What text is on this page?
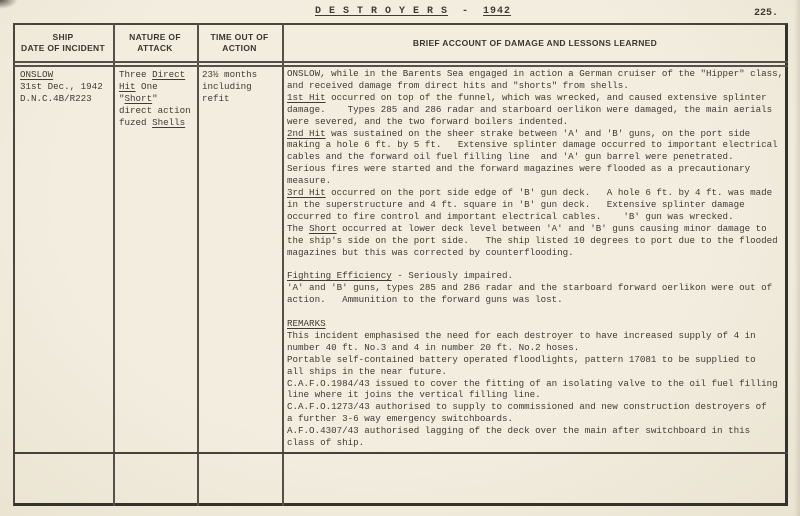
D E S T R O Y E R S  -  1942	225.
SHIP
DATE OF INCIDENT
NATURE OF
ATTACK
TIME OUT OF
ACTION
BRIEF ACCOUNT OF DAMAGE AND LESSONS LEARNED
ONSLOW
31st Dec., 1942
D.N.C.4B/R223
Three Direct
Hit One
"Short"
direct action
fuzed Shells
23½ months
including
refit
ONSLOW, while in the Barents Sea engaged in action a German cruiser of the "Hipper" class,
and received damage from direct hits and "shorts" from shells.
1st Hit occurred on top of the funnel, which was wrecked, and caused extensive splinter
damage.    Types 285 and 286 radar and starboard oerlikon were damaged, the main aerials
were severed, and the two forward boilers indented.
2nd Hit was sustained on the sheer strake between 'A' and 'B' guns, on the port side
making a hole 6 ft. by 5 ft.   Extensive splinter damage occurred to important electrical
cables and the forward oil fuel filling line  and 'A' gun barrel were penetrated.
Serious fires were started and the forward magazines were flooded as a precautionary
measure.
3rd Hit occurred on the port side edge of 'B' gun deck.   A hole 6 ft. by 4 ft. was made
in the superstructure and 4 ft. square in 'B' gun deck.   Extensive splinter damage
occurred to fire control and important electrical cables.    'B' gun was wrecked.
The Short occurred at lower deck level between 'A' and 'B' guns causing minor damage to
the ship's side on the port side.   The ship listed 10 degrees to port due to the flooded
magazines but this was corrected by counterflooding.

Fighting Efficiency - Seriously impaired.
'A' and 'B' guns, types 285 and 286 radar and the starboard forward oerlikon were out of
action.   Ammunition to the forward guns was lost.

REMARKS
This incident emphasised the need for each destroyer to have increased supply of 4 in
number 40 ft. No.3 and 4 in number 20 ft. No.2 hoses.
Portable self-contained battery operated floodlights, pattern 17081 to be supplied to
all ships in the near future.
C.A.F.O.1984/43 issued to cover the fitting of an isolating valve to the oil fuel filling
line where it joins the vertical filling line.
C.A.F.O.1273/43 authorised to supply to commissioned and new construction destroyers of
a further 3-6 way emergency switchboards.
A.F.O.4307/43 authorised lagging of the deck over the main after switchboard in this
class of ship.
